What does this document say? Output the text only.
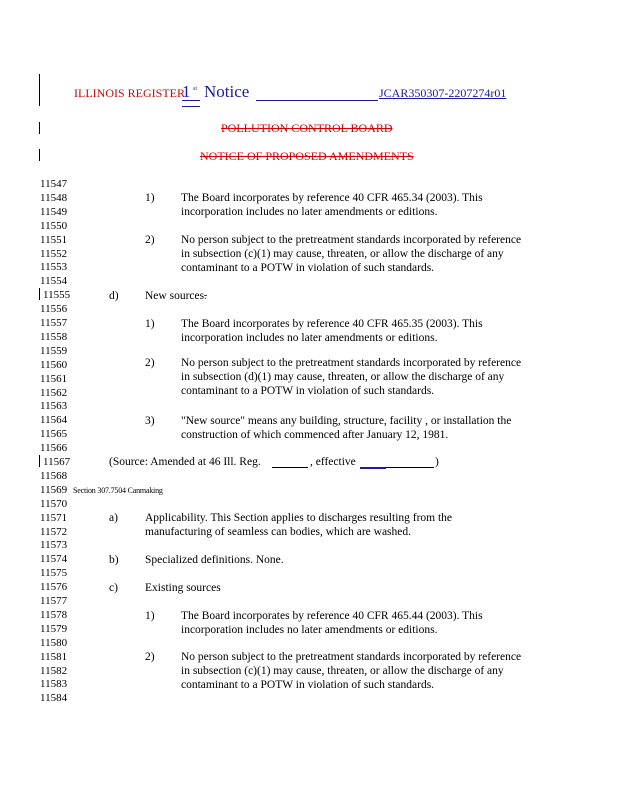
ILLINOIS REGISTER
1 st Notice	JCAR350307-2207274r01
POLLUTION CONTROL BOARD
NOTICE OF PROPOSED AMENDMENTS
11547
11548
11549
11550
11551
11552
11553
11554
11555
11556
11557
11558
11559
11560
11561
11562
11563
11564
11565
11566
11567
11568
11569
11570
11571
11572
11573
11574
11575
11576
11577
11578
11579
11580
11581
11582
11583
11584
1) The Board incorporates by reference 40 CFR 465.34 (2003). This
incorporation includes no later amendments or editions.
2) No person subject to the pretreatment standards incorporated by reference
in subsection (c)(1) may cause, threaten, or allow the discharge of any
contaminant to a POTW in violation of such standards.
d) New sources.
1) The Board incorporates by reference 40 CFR 465.35 (2003). This
incorporation includes no later amendments or editions.
2) No person subject to the pretreatment standards incorporated by reference
in subsection (d)(1) may cause, threaten, or allow the discharge of any
contaminant to a POTW in violation of such standards.
3) "New source" means any building, structure, facility , or installation the
construction of which commenced after January 12, 1981.
(Source: Amended at 46 Ill. Reg.	, effective	)
Section 307.7504 Canmaking
a) Applicability. This Section applies to discharges resulting from the
manufacturing of seamless can bodies, which are washed.
b) Specialized definitions. None.
c) Existing sources
1) The Board incorporates by reference 40 CFR 465.44 (2003). This
incorporation includes no later amendments or editions.
2) No person subject to the pretreatment standards incorporated by reference
in subsection (c)(1) may cause, threaten, or allow the discharge of any
contaminant to a POTW in violation of such standards.
